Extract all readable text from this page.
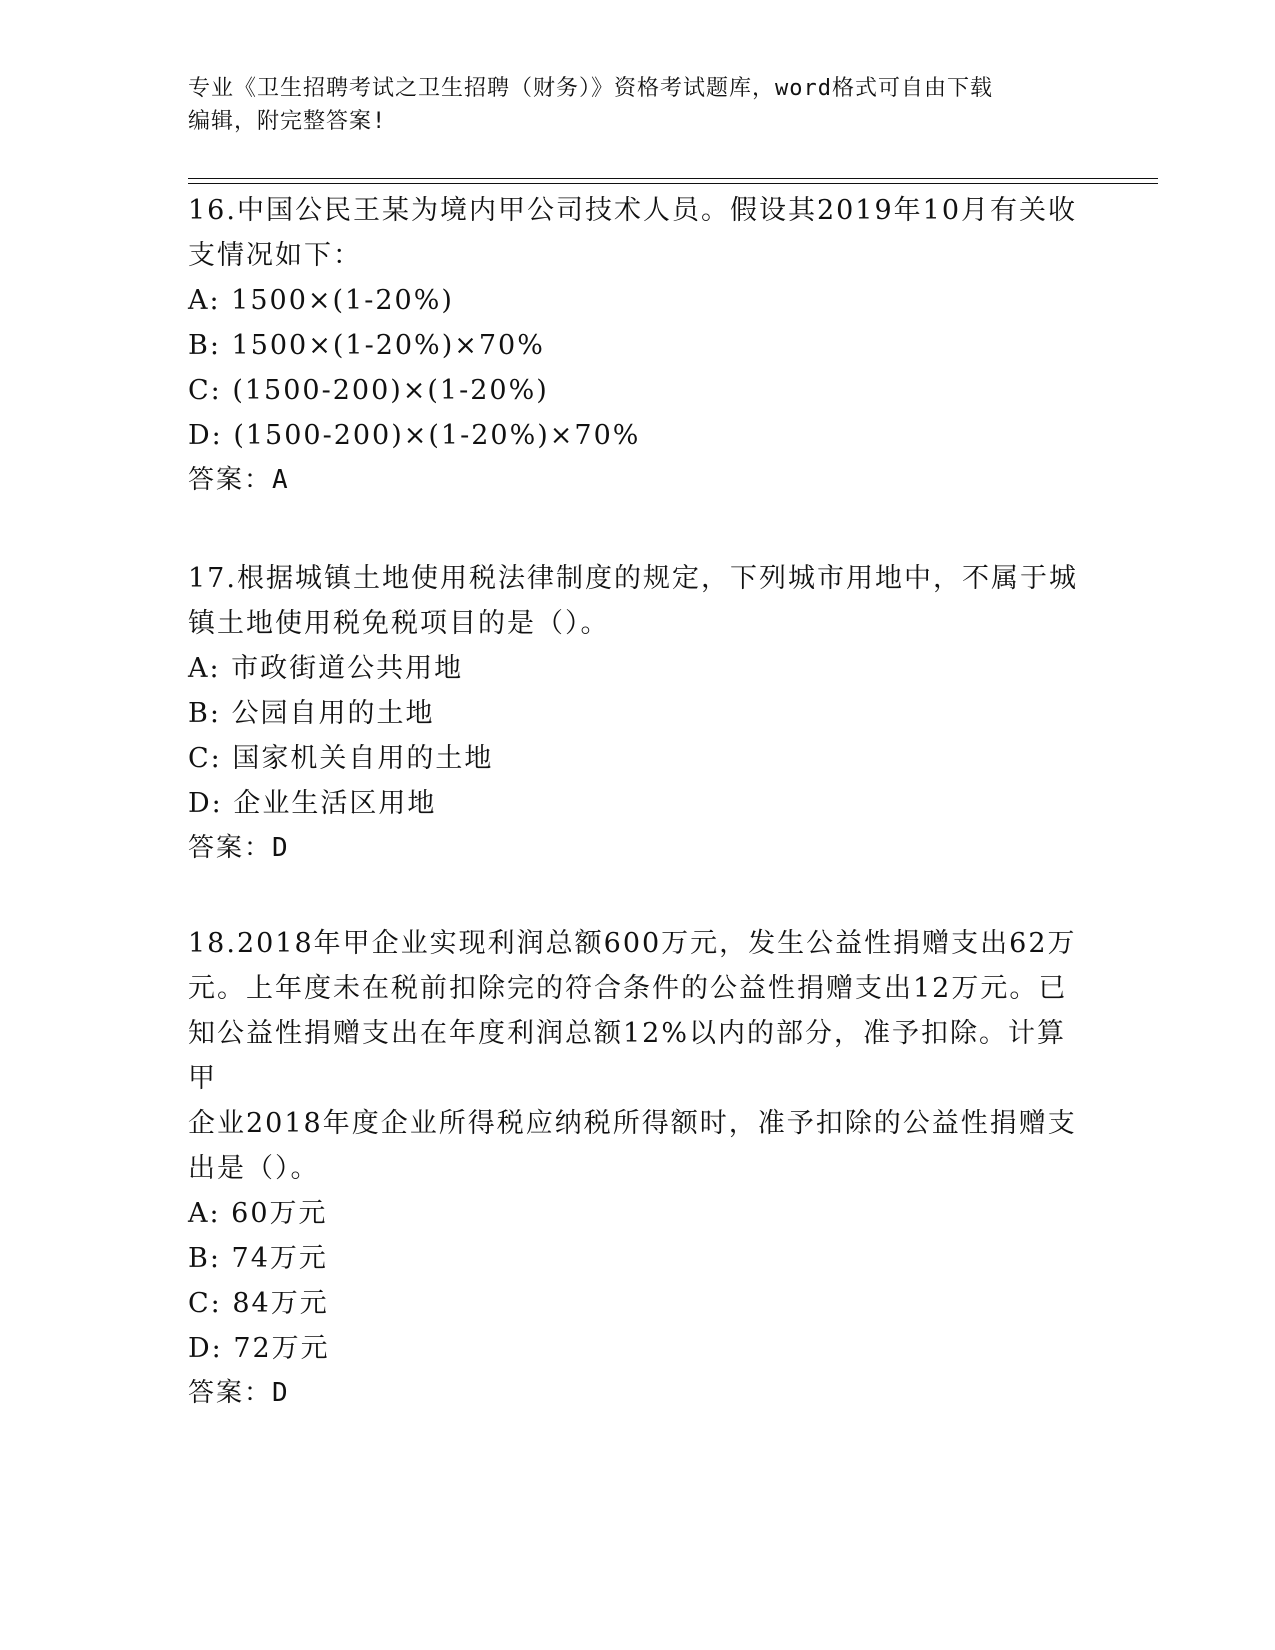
专业《卫生招聘考试之卫生招聘（财务）》资格考试题库，word格式可自由下载
编辑，附完整答案!

16.中国公民王某为境内甲公司技术人员。假设其2019年10月有关收

支情况如下：

A: 1500×(1-20%)

B: 1500×(1-20%)×70%

C: (1500-200)×(1-20%)

D: (1500-200)×(1-20%)×70%

答案：A

17.根据城镇土地使用税法律制度的规定，下列城市用地中，不属于城

镇土地使用税免税项目的是（）。

A: 市政街道公共用地

B: 公园自用的土地

C: 国家机关自用的土地

D: 企业生活区用地

答案：D

18.2018年甲企业实现利润总额600万元，发生公益性捐赠支出62万

元。上年度未在税前扣除完的符合条件的公益性捐赠支出12万元。已

知公益性捐赠支出在年度利润总额12%以内的部分，准予扣除。计算甲

企业2018年度企业所得税应纳税所得额时，准予扣除的公益性捐赠支

出是（）。

A: 60万元

B: 74万元

C: 84万元

D: 72万元

答案：D
